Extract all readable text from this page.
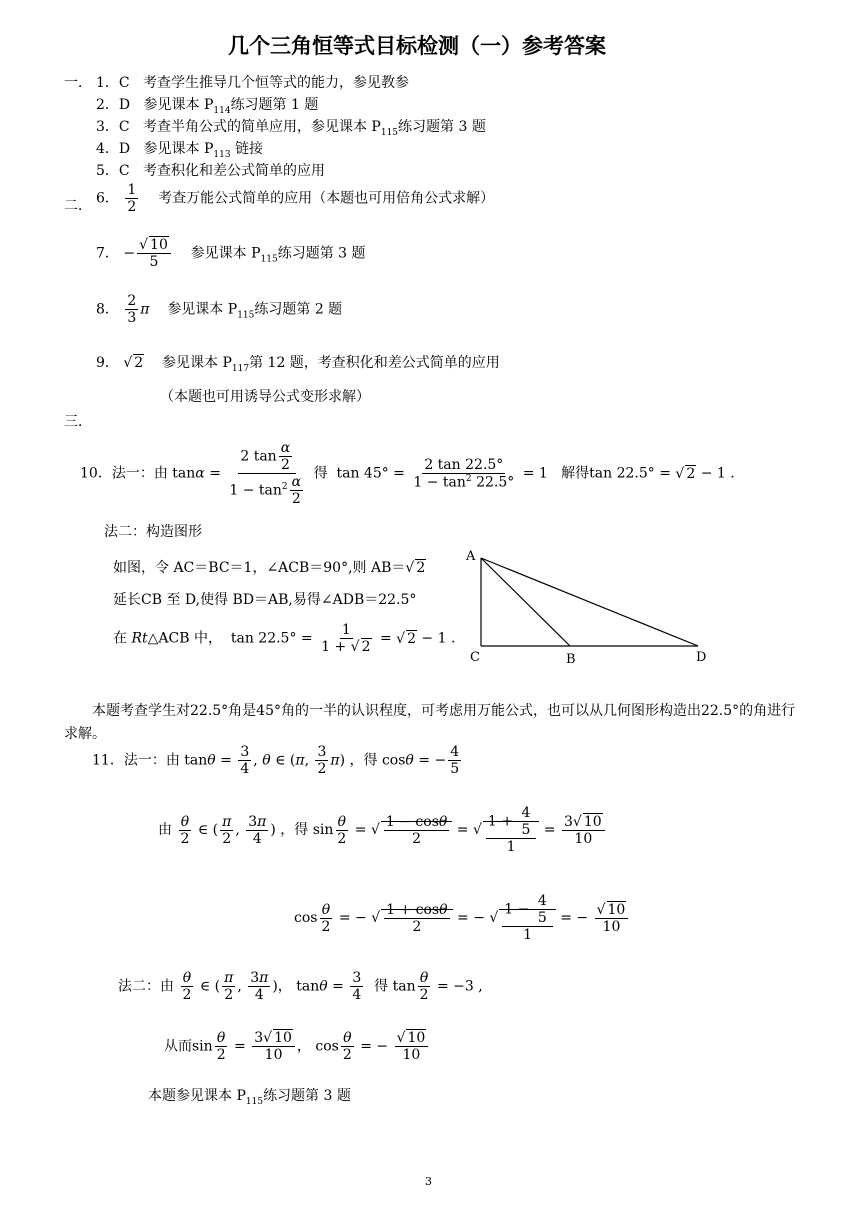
几个三角恒等式目标检测（一）参考答案
一． 1．C 考查学生推导几个恒等式的能力，参见教参
2．D 参见课本 $P_{114}$练习题第 1 题
3．C 考查半角公式的简单应用，参见课本 $P_{115}$练习题第 3 题
4．D 参见课本 $P_{113}$ 链接
5．C 考查积化和差公式简单的应用
二． 6． $\frac{1}{2}$ 考查万能公式简单的应用（本题也可用倍角公式求解）
7． − √ $\frac{10}{5}$ 参见课本 $P_{115}$练习题第 3 题
8． $\frac{2}{3}$ π 参见课本 $P_{115}$练习题第 2 题
9． √ 2 参见课本 $P_{117}$第 12 题，考查积化和差公式简单的应用
（本题也可用诱导公式变形求解）
三．
10．法一：由 $\tan\alpha = \frac{2 \tan \frac{\alpha}{2}}{1 - \tan^2 \frac{\alpha}{2}}$ 得  $\tan 45^\circ = \frac{2 \tan 22.5^\circ}{1 - \tan^2 22.5^\circ} = 1$   解得tan 22.5° = √ 2 − 1 .
法二：构造图形
如图，令 AC＝BC＝1，∠ACB＝90°,则 AB＝ √ 2
延长CB 至 D,使得 BD＝AB,易得∠ADB＝22.5°
在 Rt△ACB 中，  $\tan 22.5^\circ = \frac{1}{1 + √ 2}$ = √ 2 − 1 .
A
C	B	D
本题考查学生对22.5°角是45°角的一半的认识程度，可考虑用万能公式，也可以从几何图形构造出22.5°的角进行求解。
11．法一：由 $\tan\theta = \frac{3}{4}$ , θ ∈ (π, $\frac{3}{2} \pi$) ，得 cosθ = − $\frac{4}{5}$
由 $\frac{\theta}{2}$ ∈ ( $\frac{\pi}{2}$ , $\frac{3\pi}{4}$ ) ，得 $\sin \frac{\theta}{2}$ = √ $\frac{1 - \cos\theta}{2}$ = √ $\frac{1 + \frac{4}{5}}{1} = \frac{3 √ 10}{10}$
$\cos \frac{\theta}{2}$ = − √ $\frac{1 + \cos\theta}{2}$ = − √ $\frac{1 - \frac{4}{5}}{1}$ = − √ $\frac{10}{10}$
法二：由 $\frac{\theta}{2}$ ∈ ( $\frac{\pi}{2}$ , $\frac{3\pi}{4}$ )， $\tan\theta = \frac{3}{4}$ 得 $\tan \frac{\theta}{2} = -3$ ,
从而$\sin \frac{\theta}{2} = \frac{3 √ 10}{10}$ ， $\cos \frac{\theta}{2}$ = − √ $\frac{10}{10}$
本题参见课本 $P_{115}$练习题第 3 题
3
